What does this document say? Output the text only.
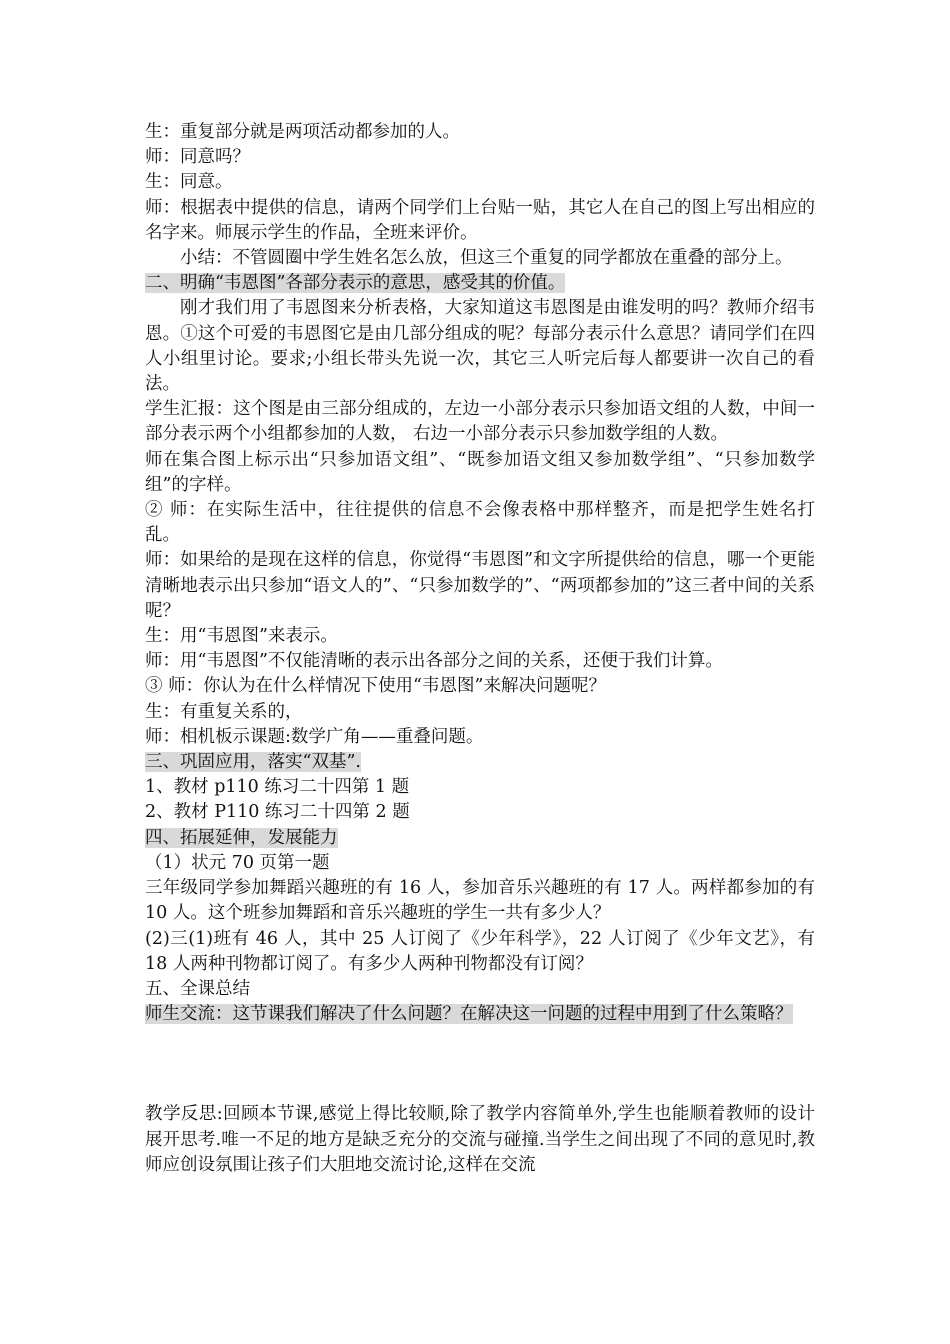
生：重复部分就是两项活动都参加的人。
师：同意吗？
生：同意。
师：根据表中提供的信息，请两个同学们上台贴一贴，其它人在自己的图上写出相应的名字来。师展示学生的作品，全班来评价。
小结：不管圆圈中学生姓名怎么放，但这三个重复的同学都放在重叠的部分上。
二、明确“韦恩图”各部分表示的意思，感受其的价值。
刚才我们用了韦恩图来分析表格，大家知道这韦恩图是由谁发明的吗？教师介绍韦恩。①这个可爱的韦恩图它是由几部分组成的呢？每部分表示什么意思？请同学们在四人小组里讨论。要求;小组长带头先说一次，其它三人听完后每人都要讲一次自己的看法。
学生汇报：这个图是由三部分组成的，左边一小部分表示只参加语文组的人数，中间一部分表示两个小组都参加的人数， 右边一小部分表示只参加数学组的人数。
师在集合图上标示出“只参加语文组”、“既参加语文组又参加数学组”、“只参加数学组”的字样。
② 师：在实际生活中，往往提供的信息不会像表格中那样整齐，而是把学生姓名打乱。
师：如果给的是现在这样的信息，你觉得“韦恩图”和文字所提供给的信息，哪一个更能清晰地表示出只参加“语文人的”、“只参加数学的”、“两项都参加的”这三者中间的关系呢？
生：用“韦恩图”来表示。
师：用“韦恩图”不仅能清晰的表示出各部分之间的关系，还便于我们计算。
③ 师：你认为在什么样情况下使用“韦恩图”来解决问题呢？
生：有重复关系的，
师：相机板示课题:数学广角——重叠问题。
三、巩固应用，落实“双基”.
1、教材 p110 练习二十四第 1 题
2、教材 P110 练习二十四第 2 题
四、拓展延伸，发展能力
（1）状元 70 页第一题
三年级同学参加舞蹈兴趣班的有 16 人，参加音乐兴趣班的有 17 人。两样都参加的有 10 人。这个班参加舞蹈和音乐兴趣班的学生一共有多少人？
(2)三(1)班有 46 人，其中 25 人订阅了《少年科学》，22 人订阅了《少年文艺》，有 18 人两种刊物都订阅了。有多少人两种刊物都没有订阅？
五、全课总结
师生交流：这节课我们解决了什么问题？在解决这一问题的过程中用到了什么策略？
教学反思:回顾本节课,感觉上得比较顺,除了教学内容简单外,学生也能顺着教师的设计展开思考.唯一不足的地方是缺乏充分的交流与碰撞.当学生之间出现了不同的意见时,教师应创设氛围让孩子们大胆地交流讨论,这样在交流
